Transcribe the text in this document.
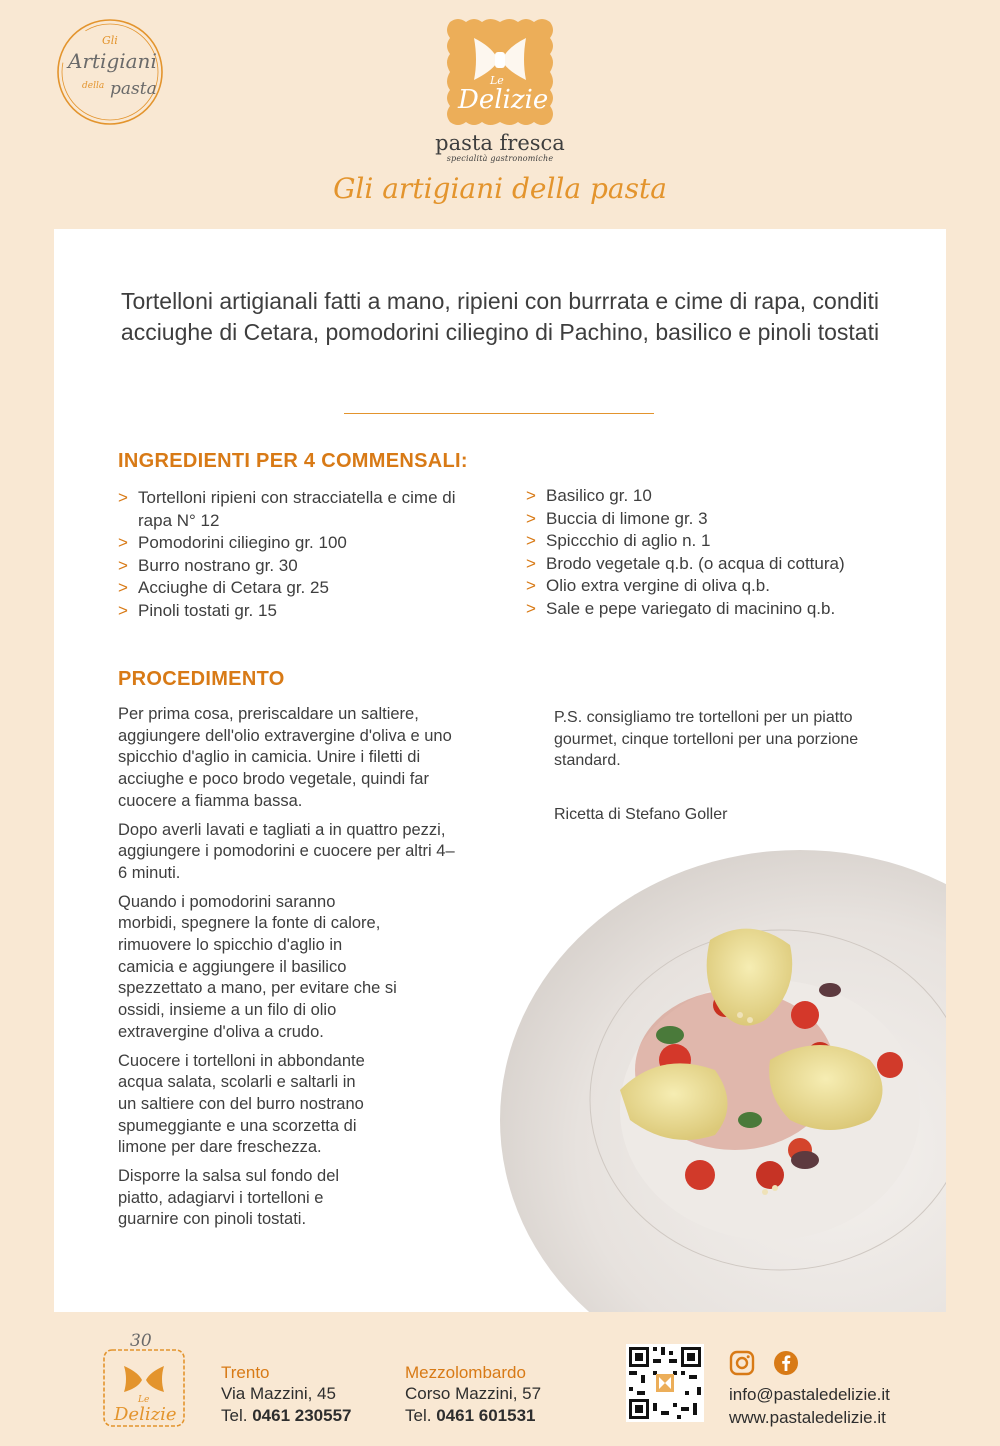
Gli
Artigiani
della pasta	Le
Delizie
pasta fresca
specialità gastronomiche
Gli artigiani della pasta
Tortelloni artigianali fatti a mano, ripieni con burrrata e cime di rapa, conditi acciughe di Cetara, pomodorini ciliegino di Pachino, basilico e pinoli tostati
INGREDIENTI PER 4 COMMENSALI:
> Tortelloni ripieni con stracciatella e cime di rapa N° 12
> Pomodorini ciliegino gr. 100
> Burro nostrano gr. 30
> Acciughe di Cetara gr. 25
> Pinoli tostati gr. 15
> Basilico gr. 10
> Buccia di limone gr. 3
> Spiccchio di aglio n. 1
> Brodo vegetale q.b. (o acqua di cottura)
> Olio extra vergine di oliva q.b.
> Sale e pepe variegato di macinino q.b.
PROCEDIMENTO

Per prima cosa, preriscaldare un saltiere, aggiungere dell'olio extravergine d'oliva e uno spicchio d'aglio in camicia. Unire i filetti di acciughe e poco brodo vegetale, quindi far cuocere a fiamma bassa.

Dopo averli lavati e tagliati a in quattro pezzi, aggiungere i pomodorini e cuocere per altri 4–6 minuti.

Quando i pomodorini saranno morbidi, spegnere la fonte di calore, rimuovere lo spicchio d'aglio in camicia e aggiungere il basilico spezzettato a mano, per evitare che si ossidi, insieme a un filo di olio extravergine d'oliva a crudo.

Cuocere i tortelloni in abbondante acqua salata, scolarli e saltarli in un saltiere con del burro nostrano spumeggiante e una scorzetta di limone per dare freschezza.

Disporre la salsa sul fondo del piatto, adagiarvi i tortelloni e guarnire con pinoli tostati.

P.S. consigliamo tre tortelloni per un piatto gourmet, cinque tortelloni per una porzione standard.

Ricetta di Stefano Goller

30
Le
Delizie

Trento

Via Mazzini, 45

Tel. 0461 230557

Mezzolombardo

Corso Mazzini, 57

Tel. 0461 601531

info@pastaledelizie.it
www.pastaledelizie.it
